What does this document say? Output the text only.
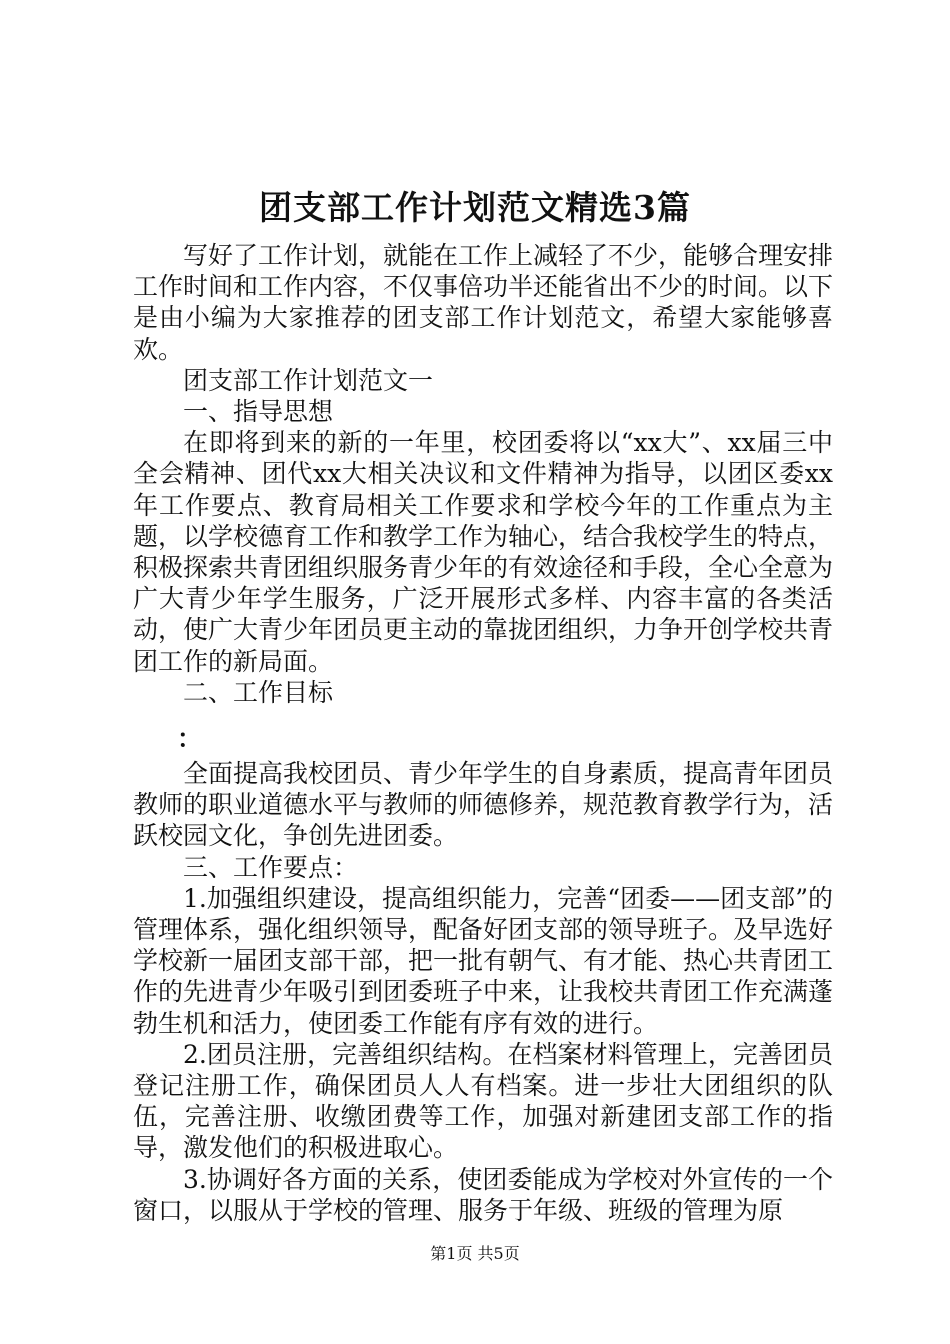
团支部工作计划范文精选3篇

写好了工作计划，就能在工作上减轻了不少，能够合理安排工作时间和工作内容，不仅事倍功半还能省出不少的时间。以下是由小编为大家推荐的团支部工作计划范文，希望大家能够喜欢。

团支部工作计划范文一

一、指导思想

在即将到来的新的一年里，校团委将以“xx大”、xx届三中全会精神、团代xx大相关决议和文件精神为指导，以团区委xx年工作要点、教育局相关工作要求和学校今年的工作重点为主题，以学校德育工作和教学工作为轴心，结合我校学生的特点，积极探索共青团组织服务青少年的有效途径和手段，全心全意为广大青少年学生服务，广泛开展形式多样、内容丰富的各类活动，使广大青少年团员更主动的靠拢团组织，力争开创学校共青团工作的新局面。

二、工作目标

：

全面提高我校团员、青少年学生的自身素质，提高青年团员教师的职业道德水平与教师的师德修养，规范教育教学行为，活跃校园文化，争创先进团委。

三、工作要点：

1.加强组织建设，提高组织能力，完善“团委——团支部”的管理体系，强化组织领导，配备好团支部的领导班子。及早选好学校新一届团支部干部，把一批有朝气、有才能、热心共青团工作的先进青少年吸引到团委班子中来，让我校共青团工作充满蓬勃生机和活力，使团委工作能有序有效的进行。

2.团员注册，完善组织结构。在档案材料管理上，完善团员登记注册工作，确保团员人人有档案。进一步壮大团组织的队伍，完善注册、收缴团费等工作，加强对新建团支部工作的指导，激发他们的积极进取心。

3.协调好各方面的关系，使团委能成为学校对外宣传的一个窗口，以服从于学校的管理、服务于年级、班级的管理为原

第1页 共5页
